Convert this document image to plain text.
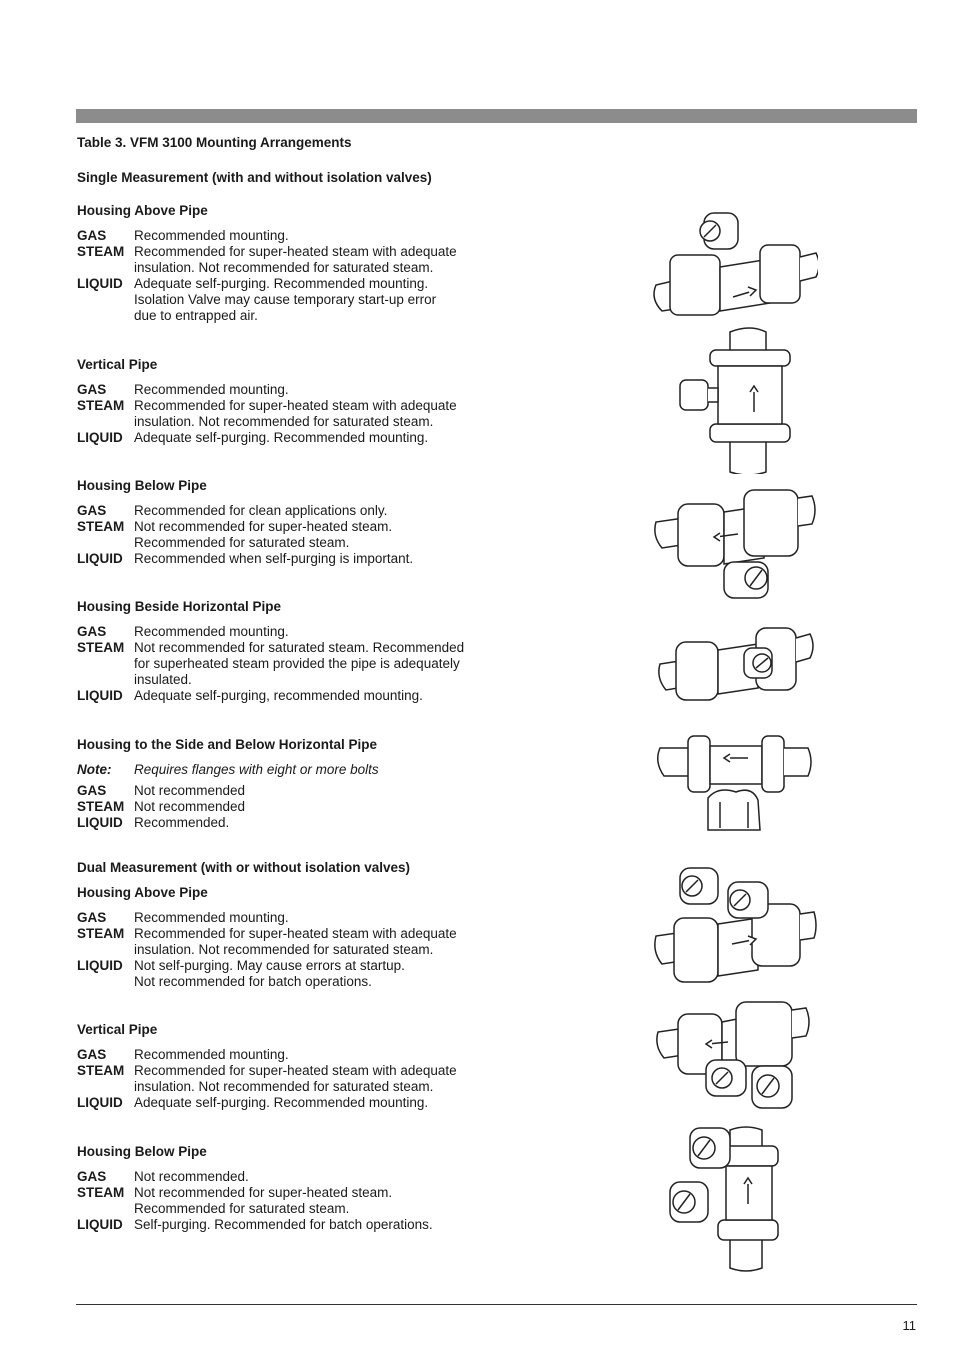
Table 3. VFM 3100 Mounting Arrangements
Single Measurement (with and without isolation valves)
Housing Above Pipe
GAS	Recommended mounting.
STEAM Recommended for super-heated steam with adequate
insulation. Not recommended for saturated steam.
LIQUID Adequate self-purging. Recommended mounting.
Isolation Valve may cause temporary start-up error
due to entrapped air.
Vertical Pipe
GAS	Recommended mounting.
STEAM Recommended for super-heated steam with adequate
insulation. Not recommended for saturated steam.
LIQUID Adequate self-purging. Recommended mounting.
Housing Below Pipe
GAS	Recommended for clean applications only.
STEAM Not recommended for super-heated steam.
Recommended for saturated steam.
LIQUID Recommended when self-purging is important.
Housing Beside Horizontal Pipe
GAS	Recommended mounting.
STEAM Not recommended for saturated steam. Recommended
for superheated steam provided the pipe is adequately
insulated.
LIQUID Adequate self-purging, recommended mounting.
Housing to the Side and Below Horizontal Pipe
Note:	Requires flanges with eight or more bolts
GAS	Not recommended
STEAM Not recommended
LIQUID Recommended.
Dual Measurement (with or without isolation valves)
Housing Above Pipe
GAS	Recommended mounting.
STEAM Recommended for super-heated steam with adequate
insulation. Not recommended for saturated steam.
LIQUID Not self-purging. May cause errors at startup.
Not recommended for batch operations.
Vertical Pipe
GAS	Recommended mounting.
STEAM Recommended for super-heated steam with adequate
insulation. Not recommended for saturated steam.
LIQUID Adequate self-purging. Recommended mounting.
Housing Below Pipe
GAS	Not recommended.
STEAM Not recommended for super-heated steam.
Recommended for saturated steam.
LIQUID Self-purging. Recommended for batch operations.
11
